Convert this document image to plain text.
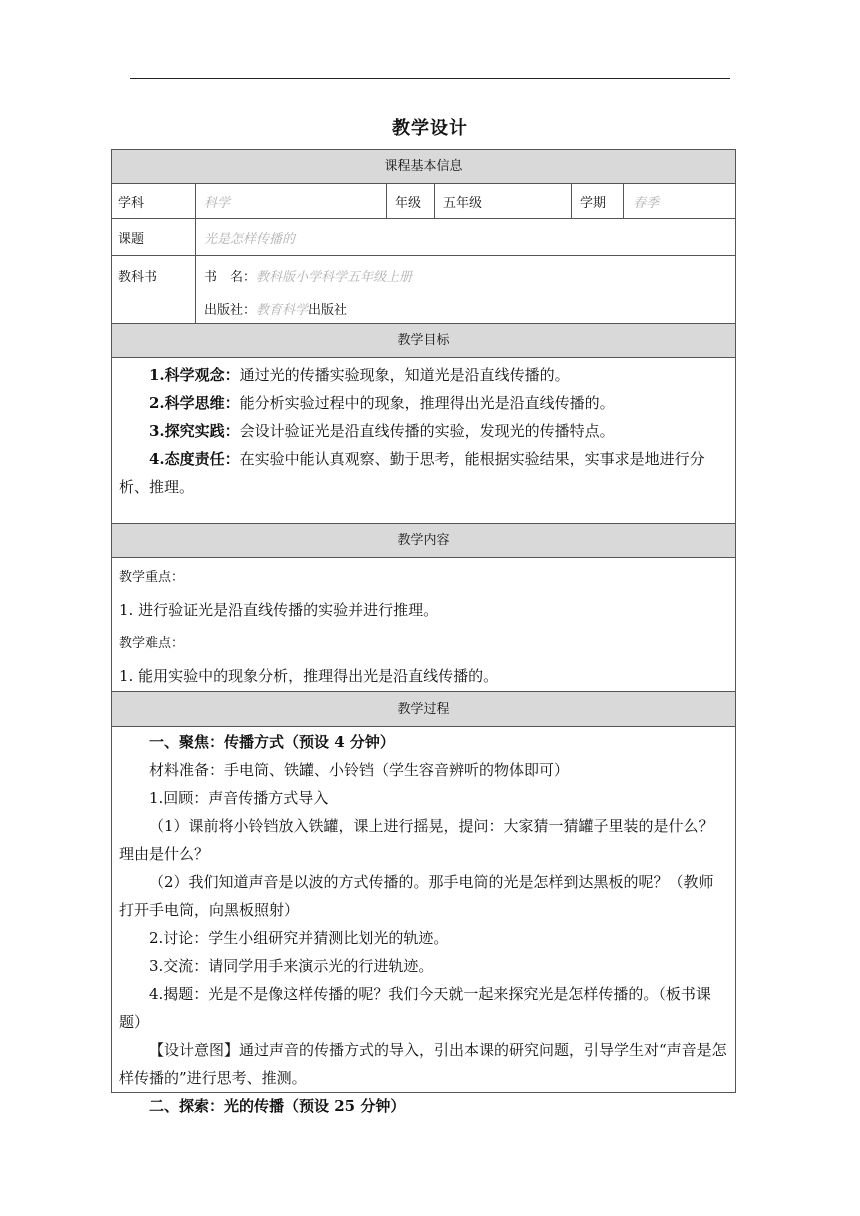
教学设计
课程基本信息
学科	科学	年级	五年级	学期	春季
课题	光是怎样传播的
教科书	书　名：教科版小学科学五年级上册
出版社：教育科学出版社
教学目标
1.科学观念：通过光的传播实验现象，知道光是沿直线传播的。
2.科学思维：能分析实验过程中的现象，推理得出光是沿直线传播的。
3.探究实践：会设计验证光是沿直线传播的实验，发现光的传播特点。
4.态度责任：在实验中能认真观察、勤于思考，能根据实验结果，实事求是地进行分析、推理。
教学内容
教学重点：
1. 进行验证光是沿直线传播的实验并进行推理。
教学难点：
1. 能用实验中的现象分析，推理得出光是沿直线传播的。
教学过程
一、聚焦：传播方式（预设 4 分钟）
材料准备：手电筒、铁罐、小铃铛（学生容音辨听的物体即可）
1.回顾：声音传播方式导入
（1）课前将小铃铛放入铁罐，课上进行摇晃，提问：大家猜一猜罐子里装的是什么？理由是什么？
（2）我们知道声音是以波的方式传播的。那手电筒的光是怎样到达黑板的呢？（教师打开手电筒，向黑板照射）
2.讨论：学生小组研究并猜测比划光的轨迹。
3.交流：请同学用手来演示光的行进轨迹。
4.揭题：光是不是像这样传播的呢？我们今天就一起来探究光是怎样传播的。（板书课题）
【设计意图】通过声音的传播方式的导入，引出本课的研究问题，引导学生对“声音是怎样传播的”进行思考、推测。
二、探索：光的传播（预设 25 分钟）
